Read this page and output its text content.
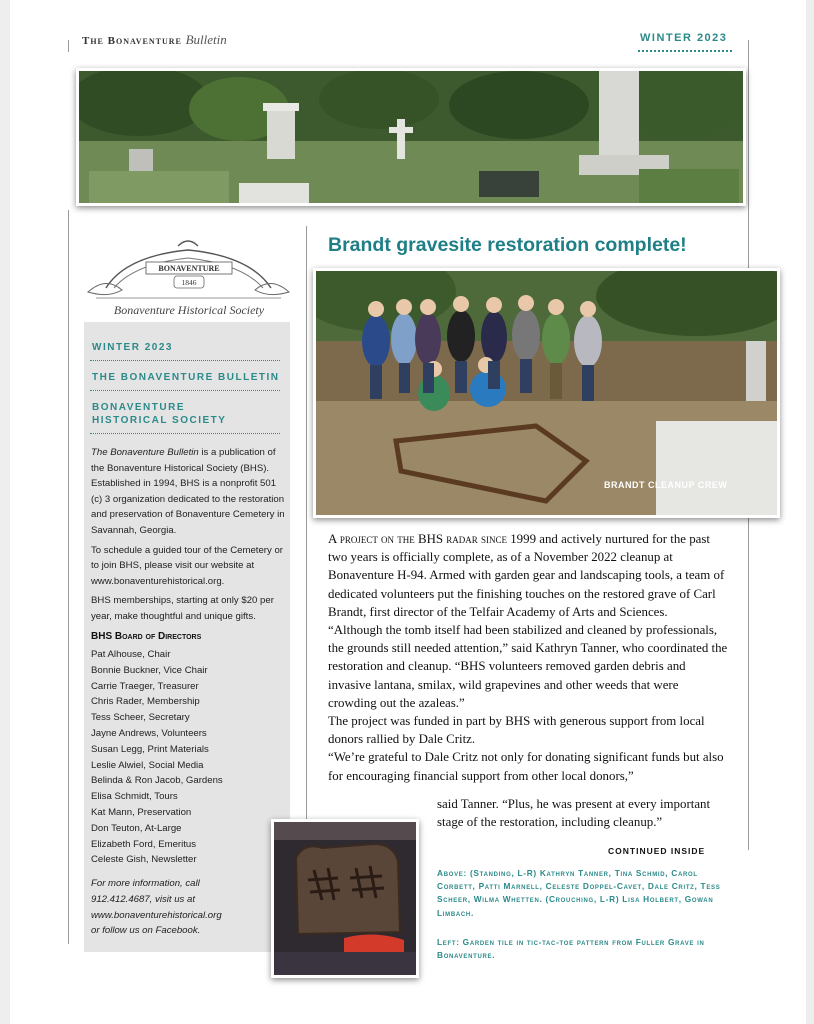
The Bonaventure Bulletin	WINTER 2023
BONAVENTURE
1846
Bonaventure Historical Society
WINTER 2023
THE BONAVENTURE BULLETIN
BONAVENTURE
HISTORICAL SOCIETY

The Bonaventure Bulletin is a publication of the Bonaventure Historical Society (BHS). Established in 1994, BHS is a nonprofit 501 (c) 3 organization dedicated to the restoration and preservation of Bonaventure Cemetery in Savannah, Georgia.

To schedule a guided tour of the Cemetery or to join BHS, please visit our website at www.bonaventurehistorical.org.

BHS memberships, starting at only $20 per year, make thoughtful and unique gifts.

BHS Board of Directors
Pat Alhouse, Chair
Bonnie Buckner, Vice Chair
Carrie Traeger, Treasurer
Chris Rader, Membership
Tess Scheer, Secretary
Jayne Andrews, Volunteers
Susan Legg, Print Materials
Leslie Alwiel, Social Media
Belinda & Ron Jacob, Gardens
Elisa Schmidt, Tours
Kat Mann, Preservation
Don Teuton, At-Large
Elizabeth Ford, Emeritus
Celeste Gish, Newsletter
For more information, call
912.412.4687, visit us at
www.bonaventurehistorical.org
or follow us on Facebook.
Brandt gravesite restoration complete!
BRANDT CLEANUP CREW

A project on the BHS radar since 1999 and actively nurtured for the past two years is officially complete, as of a November 2022 cleanup at Bonaventure H-94. Armed with garden gear and landscaping tools, a team of dedicated volunteers put the finishing touches on the restored grave of Carl Brandt, first director of the Telfair Academy of Arts and Sciences.

“Although the tomb itself had been stabilized and cleaned by professionals, the grounds still needed attention,” said Kathryn Tanner, who coordinated the restoration and cleanup. “BHS volunteers removed garden debris and invasive lantana, smilax, wild grapevines and other weeds that were crowding out the azaleas.”

The project was funded in part by BHS with generous support from local donors rallied by Dale Critz.

“We’re grateful to Dale Critz not only for donating significant funds but also for encouraging financial support from other local donors,”

said Tanner. “Plus, he was present at every important stage of the restoration, including cleanup.”
CONTINUED INSIDE
Above: (Standing, L-R) Kathryn Tanner, Tina Schmid, Carol Corbett, Patti Marnell, Celeste Doppel-Cavet, Dale Critz, Tess Scheer, Wilma Whetten. (Crouching, L-R) Lisa Holbert, Gowan Limbach.
Left: Garden tile in tic-tac-toe pattern from Fuller Grave in Bonaventure.
